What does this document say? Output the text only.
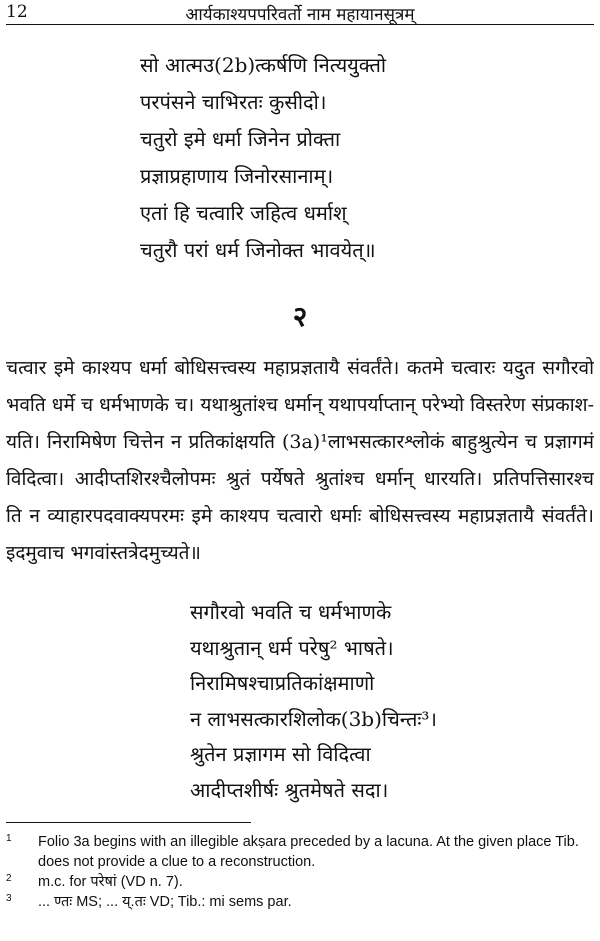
12	आर्यकाश्यपपरिवर्तो नाम महायानसूत्रम्
सो आत्मउ(2b)त्कर्षणि नित्ययुक्तो
परपंसने चाभिरतः कुसीदो।
चतुरो इमे धर्मा जिनेन प्रोक्ता
प्रज्ञाप्रहाणाय जिनोरसानाम्।
एतां हि चत्वारि जहित्व धर्माश्
चतुरौ परां धर्म जिनोक्त भावयेत्॥
२
चत्वार इमे काश्यप धर्मा बोधिसत्त्वस्य महाप्रज्ञतायै संवर्तंते। कतमे चत्वारः यदुत सगौरवो
भवति धर्मे च धर्मभाणके च। यथाश्रुतांश्च धर्मान् यथापर्याप्तान् परेभ्यो विस्तरेण संप्रकाश-
यति। निरामिषेण चित्तेन न प्रतिकांक्षयति (3a)¹लाभसत्कारश्लोकं बाहुश्रुत्येन च प्रज्ञागमं
विदित्वा। आदीप्तशिरश्चैलोपमः श्रुतं पर्येषते श्रुतांश्च धर्मान् धारयति। प्रतिपत्तिसारश्च
ति न व्याहारपदवाक्यपरमः इमे काश्यप चत्वारो धर्माः बोधिसत्त्वस्य महाप्रज्ञतायै संवर्तंते।
इदमुवाच भगवांस्तत्रेदमुच्यते॥
सगौरवो भवति च धर्मभाणके
यथाश्रुतान् धर्म परेषु² भाषते।
निरामिषश्चाप्रतिकांक्षमाणो
न लाभसत्कारशिलोक(3b)चिन्तः³।
श्रुतेन प्रज्ञागम सो विदित्वा
आदीप्तशीर्षः श्रुतमेषते सदा।
1 Folio 3a begins with an illegible akṣara preceded by a lacuna. At the given place Tib. does not provide a clue to a reconstruction.
2 m.c. for परेषां (VD n. 7).
3 ... ण्तः MS; ... य्.तः VD; Tib.: mi sems par.
